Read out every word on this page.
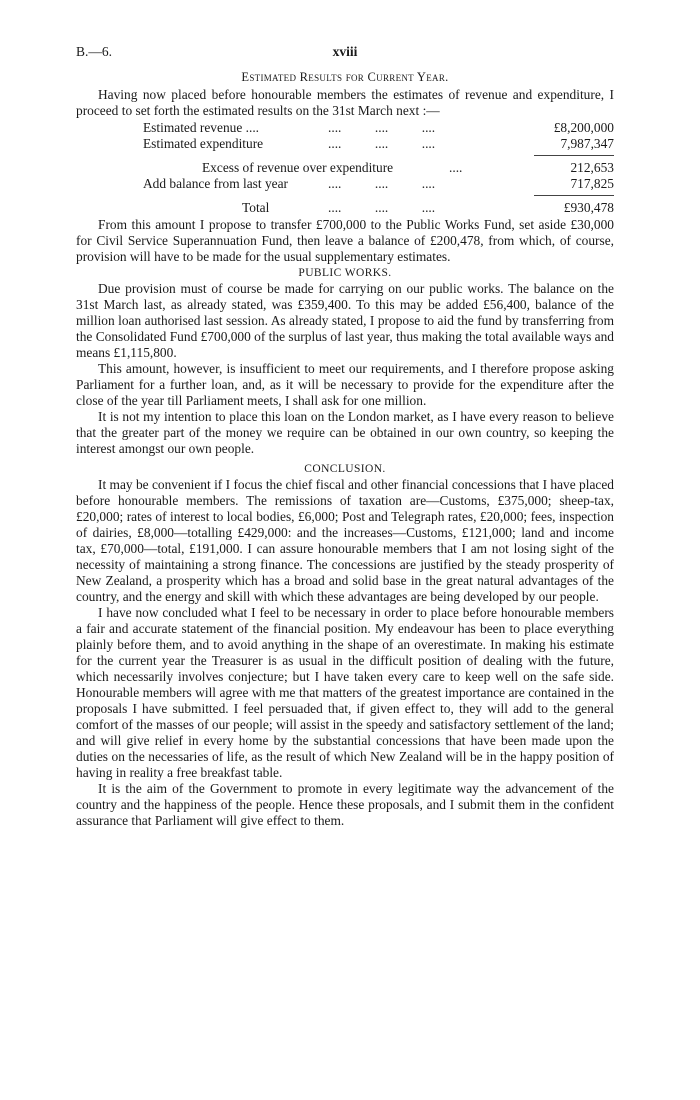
B.—6.	xviii
Estimated Results for Current Year.

Having now placed before honourable members the estimates of revenue and expenditure, I proceed to set forth the estimated results on the 31st March next :—

Estimated revenue ....	....          ....          ....	£8,200,000
Estimated expenditure	....          ....          ....	7,987,347
Excess of revenue over expenditure	....	212,653
Add balance from last year	....          ....          ....	717,825
Total	....          ....          ....	£930,478

From this amount I propose to transfer £700,000 to the Public Works Fund, set aside £30,000 for Civil Service Superannuation Fund, then leave a balance of £200,478, from which, of course, provision will have to be made for the usual supplementary estimates.

PUBLIC WORKS.

Due provision must of course be made for carrying on our public works. The balance on the 31st March last, as already stated, was £359,400. To this may be added £56,400, balance of the million loan authorised last session. As already stated, I propose to aid the fund by transferring from the Consolidated Fund £700,000 of the surplus of last year, thus making the total available ways and means £1,115,800.

This amount, however, is insufficient to meet our requirements, and I therefore propose asking Parliament for a further loan, and, as it will be necessary to provide for the expenditure after the close of the year till Parliament meets, I shall ask for one million.

It is not my intention to place this loan on the London market, as I have every reason to believe that the greater part of the money we require can be obtained in our own country, so keeping the interest amongst our own people.

CONCLUSION.

It may be convenient if I focus the chief fiscal and other financial concessions that I have placed before honourable members. The remissions of taxation are—Customs, £375,000; sheep-tax, £20,000; rates of interest to local bodies, £6,000; Post and Telegraph rates, £20,000; fees, inspection of dairies, £8,000—totalling £429,000: and the increases—Customs, £121,000; land and income tax, £70,000—total, £191,000. I can assure honourable members that I am not losing sight of the necessity of maintaining a strong finance. The concessions are justified by the steady prosperity of New Zealand, a prosperity which has a broad and solid base in the great natural advantages of the country, and the energy and skill with which these advantages are being developed by our people.

I have now concluded what I feel to be necessary in order to place before honourable members a fair and accurate statement of the financial position. My endeavour has been to place everything plainly before them, and to avoid anything in the shape of an overestimate. In making his estimate for the current year the Treasurer is as usual in the difficult position of dealing with the future, which necessarily involves conjecture; but I have taken every care to keep well on the safe side. Honourable members will agree with me that matters of the greatest importance are contained in the proposals I have submitted. I feel persuaded that, if given effect to, they will add to the general comfort of the masses of our people; will assist in the speedy and satisfactory settlement of the land; and will give relief in every home by the substantial concessions that have been made upon the duties on the necessaries of life, as the result of which New Zealand will be in the happy position of having in reality a free breakfast table.

It is the aim of the Government to promote in every legitimate way the advancement of the country and the happiness of the people. Hence these proposals, and I submit them in the confident assurance that Parliament will give effect to them.
